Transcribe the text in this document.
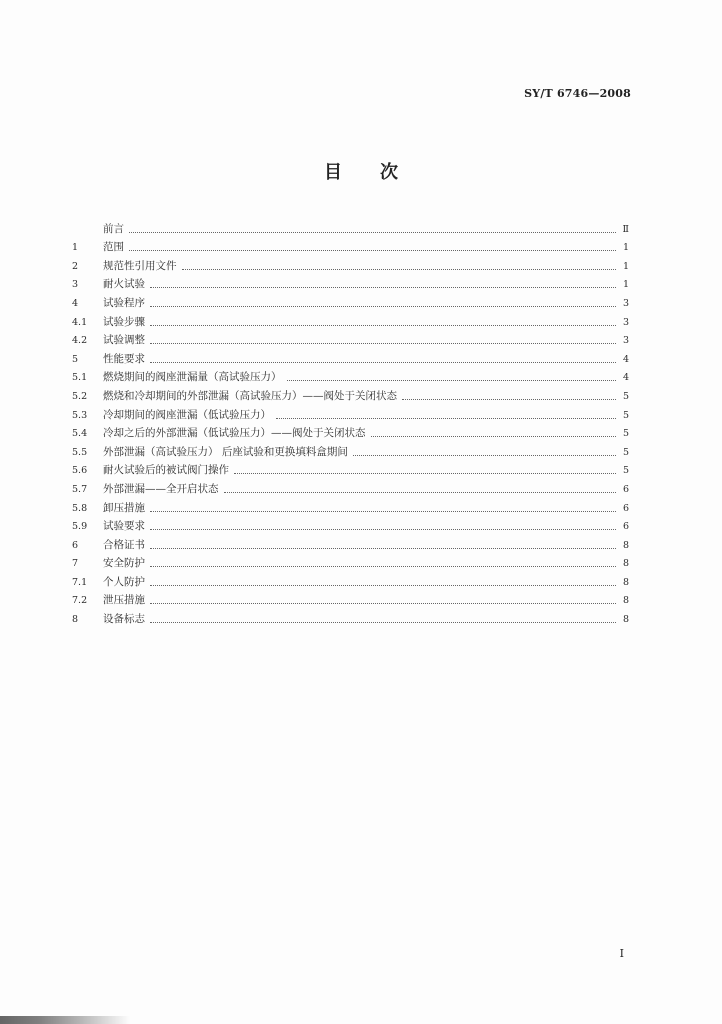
SY/T 6746—2008
目 次
前言	Ⅱ
1	范围	1
2	规范性引用文件	1
3	耐火试验	1
4	试验程序	3
4.1	试验步骤	3
4.2	试验调整	3
5	性能要求	4
5.1	燃烧期间的阀座泄漏量（高试验压力）	4
5.2	燃烧和冷却期间的外部泄漏（高试验压力）——阀处于关闭状态	5
5.3	冷却期间的阀座泄漏（低试验压力）	5
5.4	冷却之后的外部泄漏（低试验压力）——阀处于关闭状态	5
5.5	外部泄漏（高试验压力） 后座试验和更换填料盒期间	5
5.6	耐火试验后的被试阀门操作	5
5.7	外部泄漏——全开启状态	6
5.8	卸压措施	6
5.9	试验要求	6
6	合格证书	8
7	安全防护	8
7.1	个人防护	8
7.2	泄压措施	8
8	设备标志	8
I
